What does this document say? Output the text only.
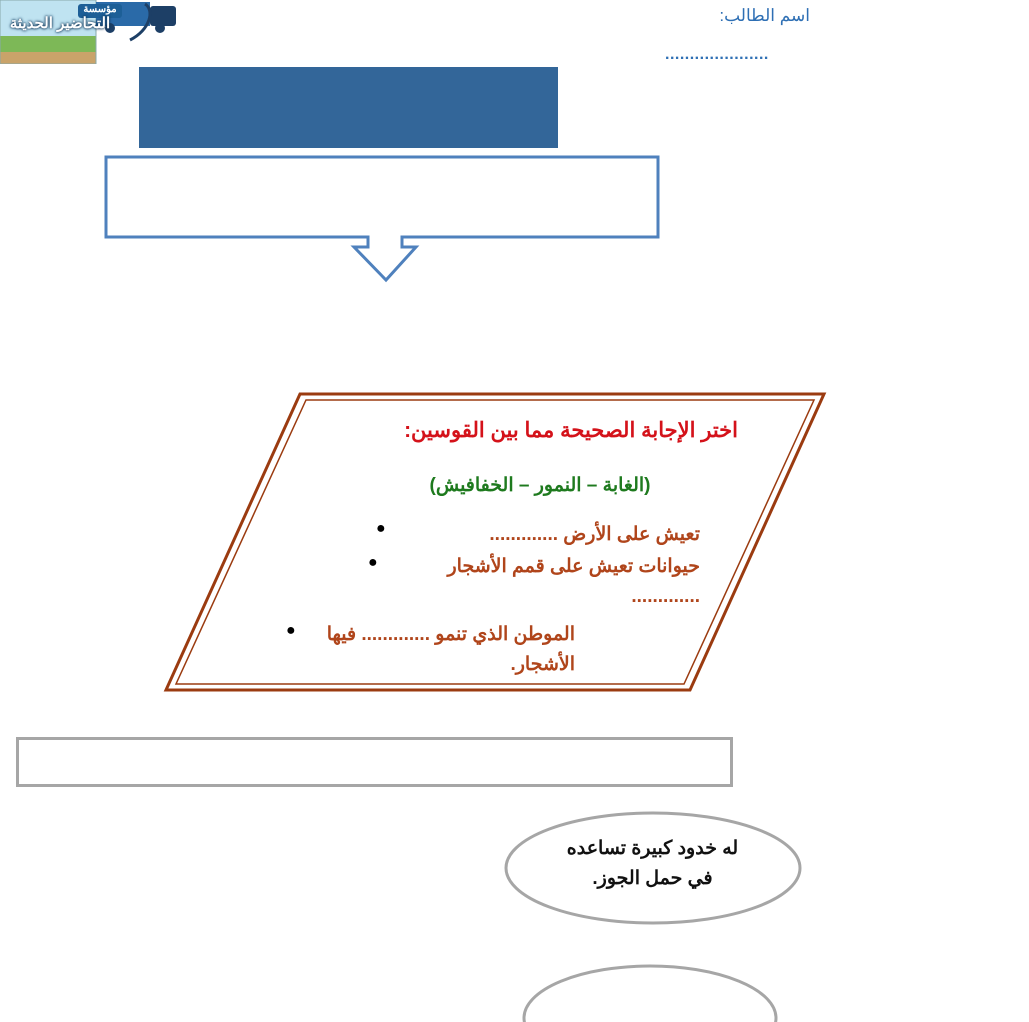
مؤسسة
التحاضير الحديثة	اسم الطالب:
.....................
اختر الإجابة الصحيحة مما بين القوسين:
(الغابة – النمور – الخفافيش)
تعيش على الأرض .............
●
حيوانات تعيش على قمم الأشجار .............
●
الموطن الذي تنمو ............. فيها الأشجار.
●
له خدود كبيرة تساعده في حمل الجوز.
